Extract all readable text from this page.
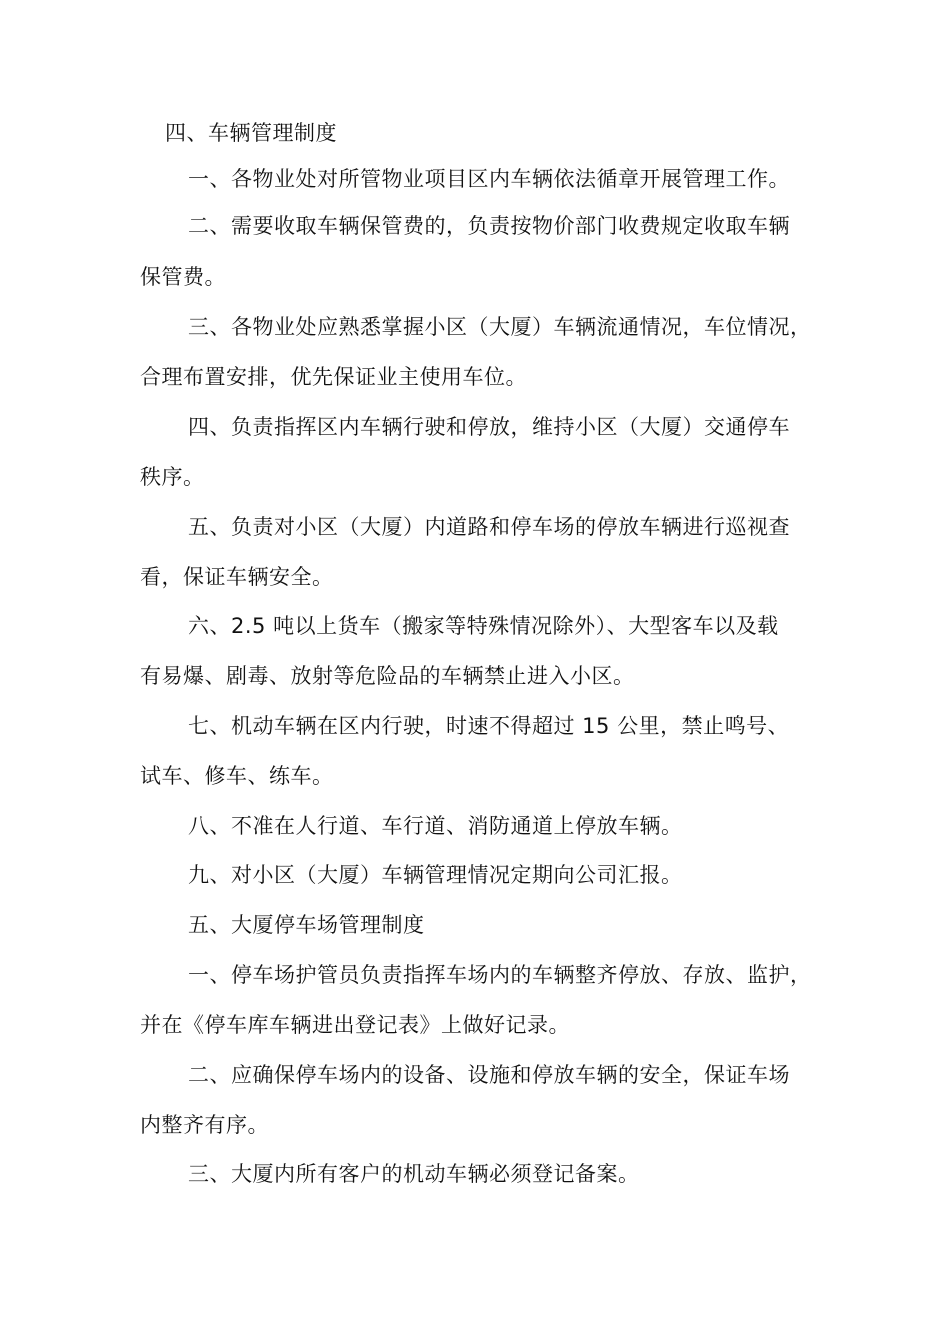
四、车辆管理制度
一、各物业处对所管物业项目区内车辆依法循章开展管理工作。
二、需要收取车辆保管费的，负责按物价部门收费规定收取车辆
保管费。
三、各物业处应熟悉掌握小区（大厦）车辆流通情况，车位情况，
合理布置安排，优先保证业主使用车位。
四、负责指挥区内车辆行驶和停放，维持小区（大厦）交通停车
秩序。
五、负责对小区（大厦）内道路和停车场的停放车辆进行巡视查
看，保证车辆安全。
六、2.5 吨以上货车（搬家等特殊情况除外）、大型客车以及载
有易爆、剧毒、放射等危险品的车辆禁止进入小区。
七、机动车辆在区内行驶，时速不得超过 15 公里，禁止鸣号、
试车、修车、练车。
八、不准在人行道、车行道、消防通道上停放车辆。
九、对小区（大厦）车辆管理情况定期向公司汇报。
五、大厦停车场管理制度
一、停车场护管员负责指挥车场内的车辆整齐停放、存放、监护，
并在《停车库车辆进出登记表》上做好记录。
二、应确保停车场内的设备、设施和停放车辆的安全，保证车场
内整齐有序。
三、大厦内所有客户的机动车辆必须登记备案。
